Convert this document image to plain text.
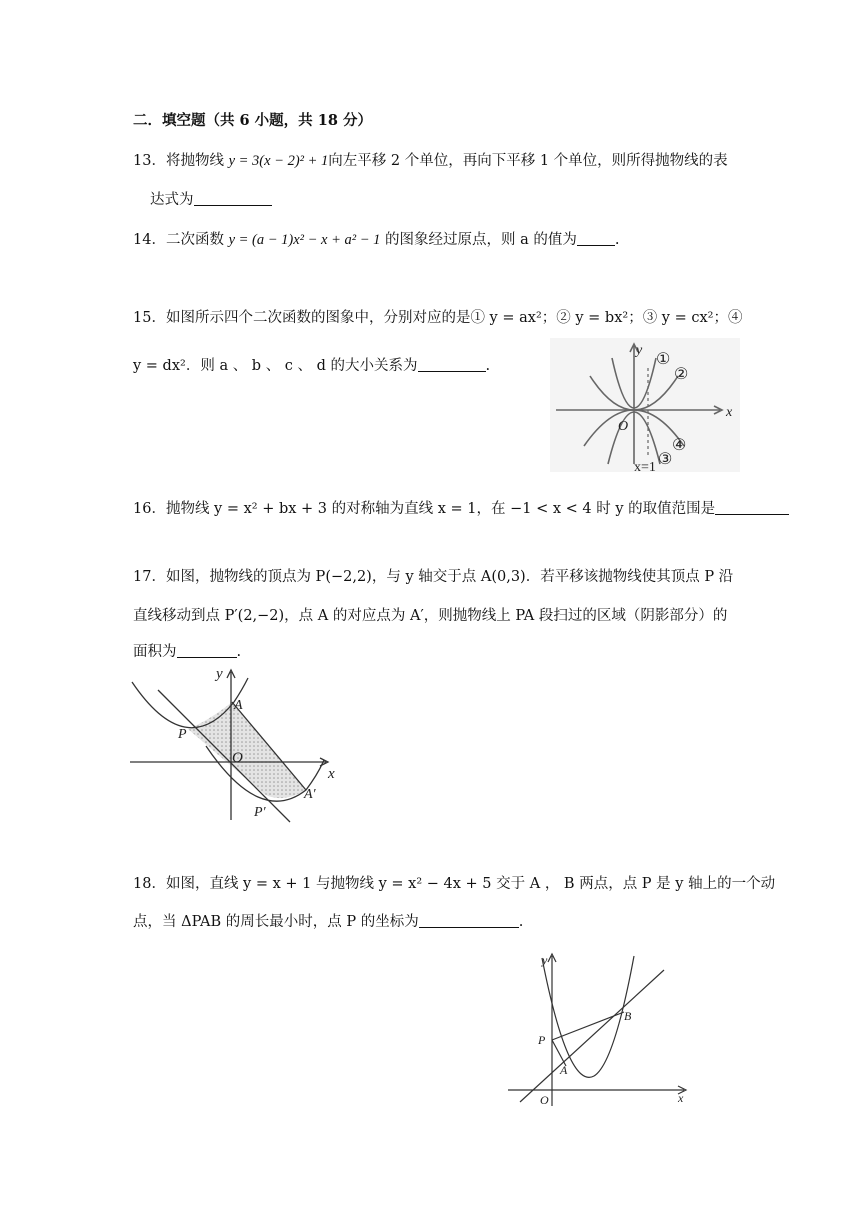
二．填空题（共 6 小题，共 18 分）
13．将抛物线 y = 3(x − 2)² + 1向左平移 2 个单位，再向下平移 1 个单位，则所得抛物线的表
达式为
14．二次函数 y = (a − 1)x² − x + a² − 1 的图象经过原点，则 a 的值为	.
15．如图所示四个二次函数的图象中，分别对应的是① y = ax²；② y = bx²；③ y = cx²；④
y = dx²．则 a 、 b 、 c 、 d 的大小关系为	.
y
x
O
x=1
①
②
④
③
16．抛物线 y = x² + bx + 3 的对称轴为直线 x = 1，在 −1 < x < 4 时 y 的取值范围是
17．如图，抛物线的顶点为 P(−2,2)，与 y 轴交于点 A(0,3)．若平移该抛物线使其顶点 P 沿
直线移动到点 P′(2,−2)，点 A 的对应点为 A′，则抛物线上 PA 段扫过的区域（阴影部分）的
面积为	.
y
x
O
A
P
P′
A′
18．如图，直线 y = x + 1 与抛物线 y = x² − 4x + 5 交于 A ， B 两点，点 P 是 y 轴上的一个动
点，当 ΔPAB 的周长最小时，点 P 的坐标为	.
y
x
O
P
A
B
